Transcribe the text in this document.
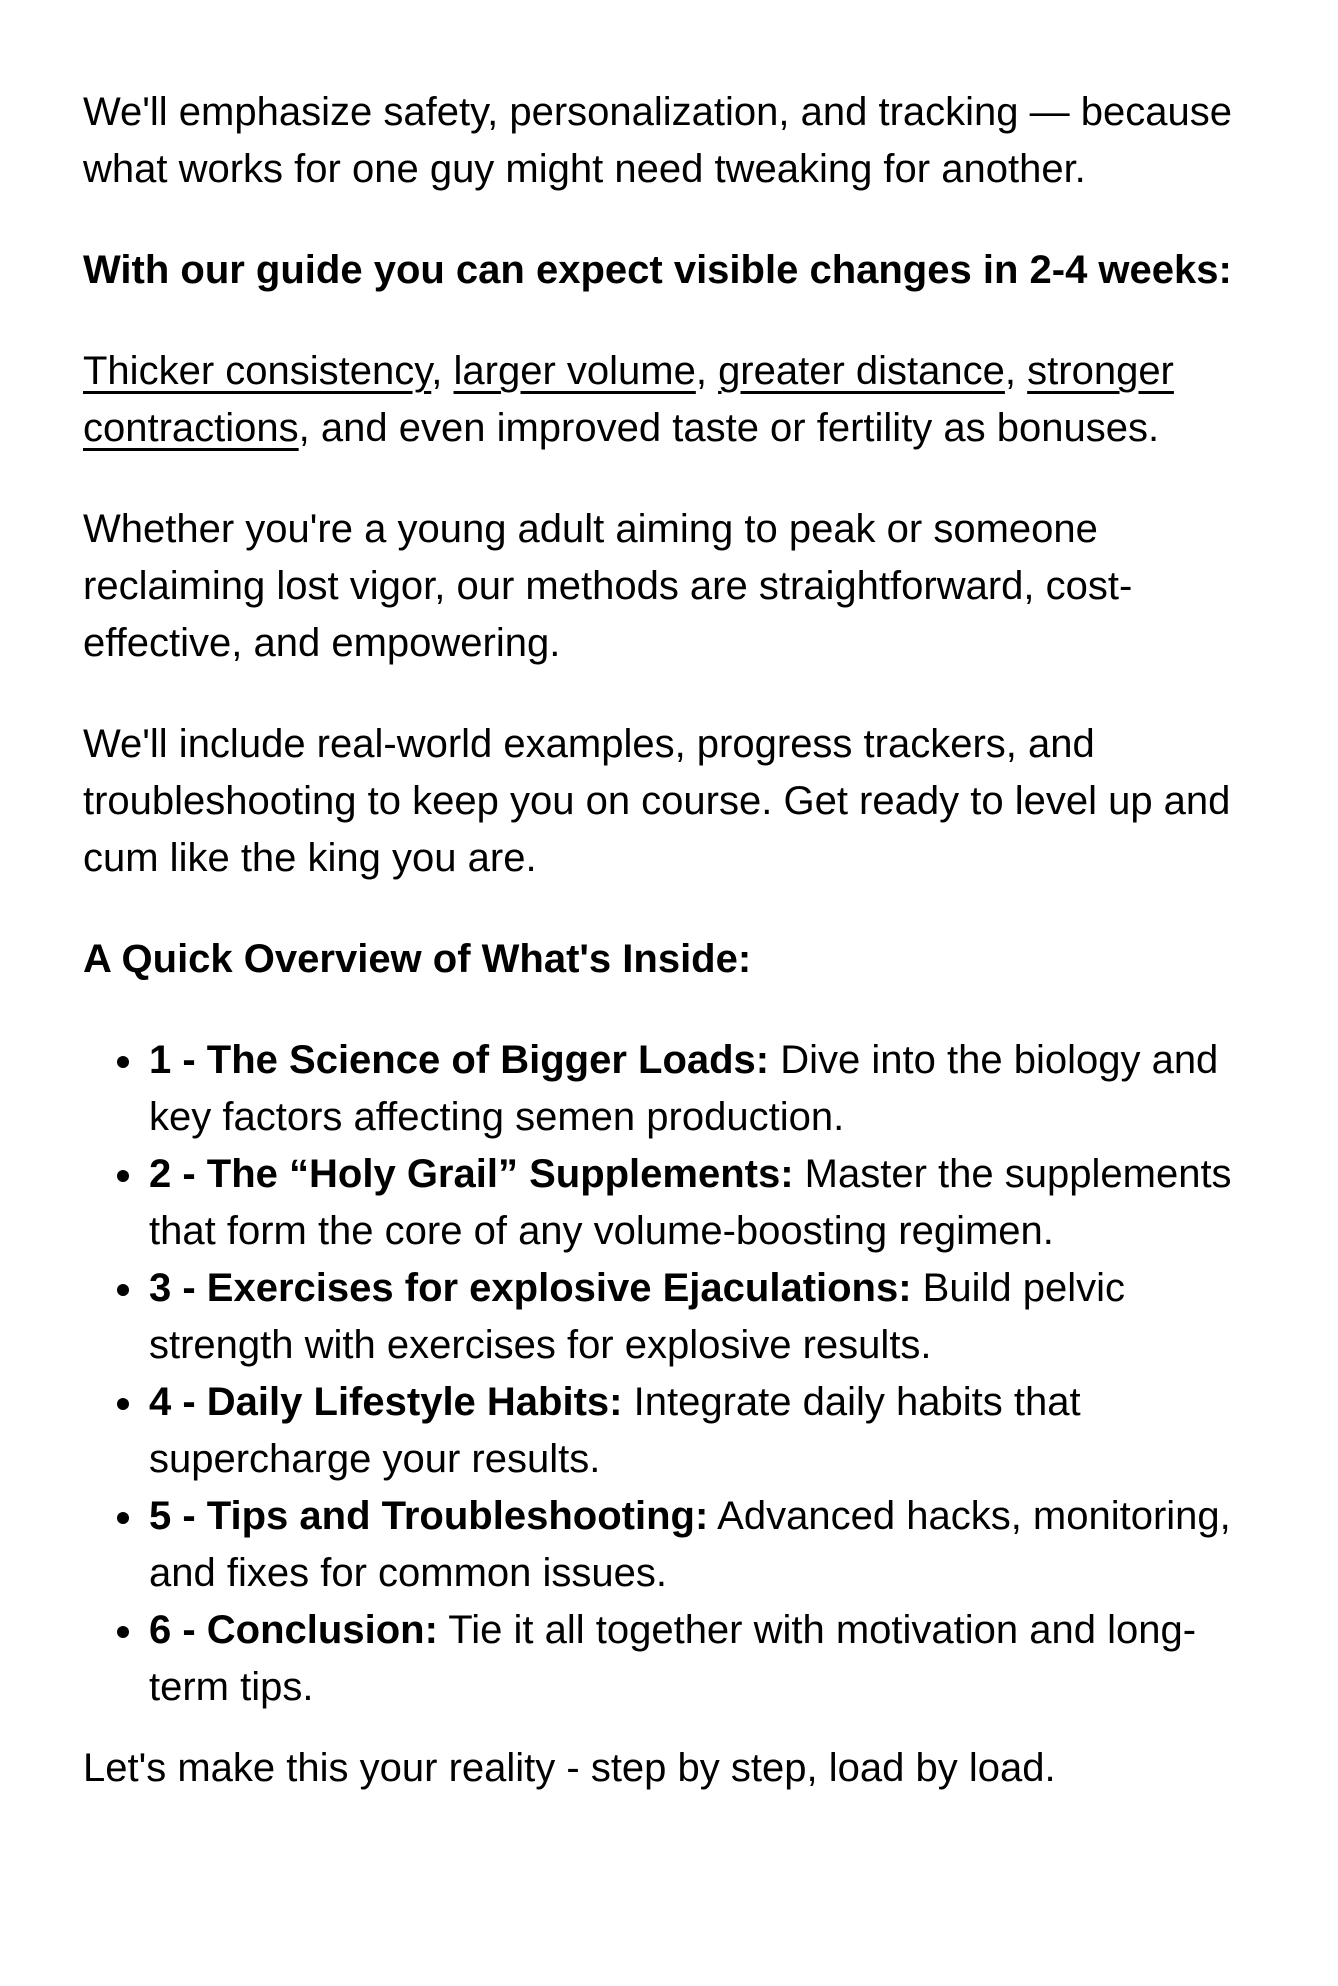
We'll emphasize safety, personalization, and tracking — because what works for one guy might need tweaking for another.

With our guide you can expect visible changes in 2-4 weeks:

Thicker consistency, larger volume, greater distance, stronger contractions, and even improved taste or fertility as bonuses.

Whether you're a young adult aiming to peak or someone reclaiming lost vigor, our methods are straightforward, cost-effective, and empowering.

We'll include real-world examples, progress trackers, and troubleshooting to keep you on course. Get ready to level up and cum like the king you are.

A Quick Overview of What's Inside:

• 1 - The Science of Bigger Loads: Dive into the biology and key factors affecting semen production.
• 2 - The “Holy Grail” Supplements: Master the supplements that form the core of any volume-boosting regimen.
• 3 - Exercises for explosive Ejaculations: Build pelvic strength with exercises for explosive results.
• 4 - Daily Lifestyle Habits: Integrate daily habits that supercharge your results.
• 5 - Tips and Troubleshooting: Advanced hacks, monitoring, and fixes for common issues.
• 6 - Conclusion: Tie it all together with motivation and long-term tips.

Let's make this your reality - step by step, load by load.
